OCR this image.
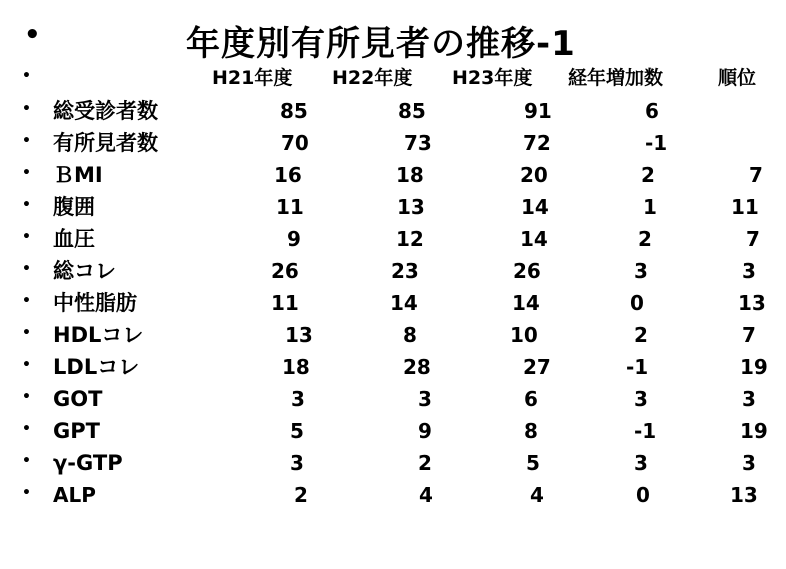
•	年度別有所見者の推移-1
•	H21年度 H22年度 H23年度 経年増加数	順位
• 総受診者数	85	85	91	6
• 有所見者数	70	73	72	-1
• ＢMI	16	18	20	2	7
• 腹囲	11	13	14	1	11
• 血圧	9	12	14	2	7
• 総コレ	26	23	26	3	3
• 中性脂肪	11	14	14	0	13
• HDLコレ	13	8	10	2	7
• LDLコレ	18	28	27	-1	19
• GOT	3	3	6	3	3
• GPT	5	9	8	-1	19
• γ-GTP	3	2	5	3	3
• ALP	2	4	4	0	13
